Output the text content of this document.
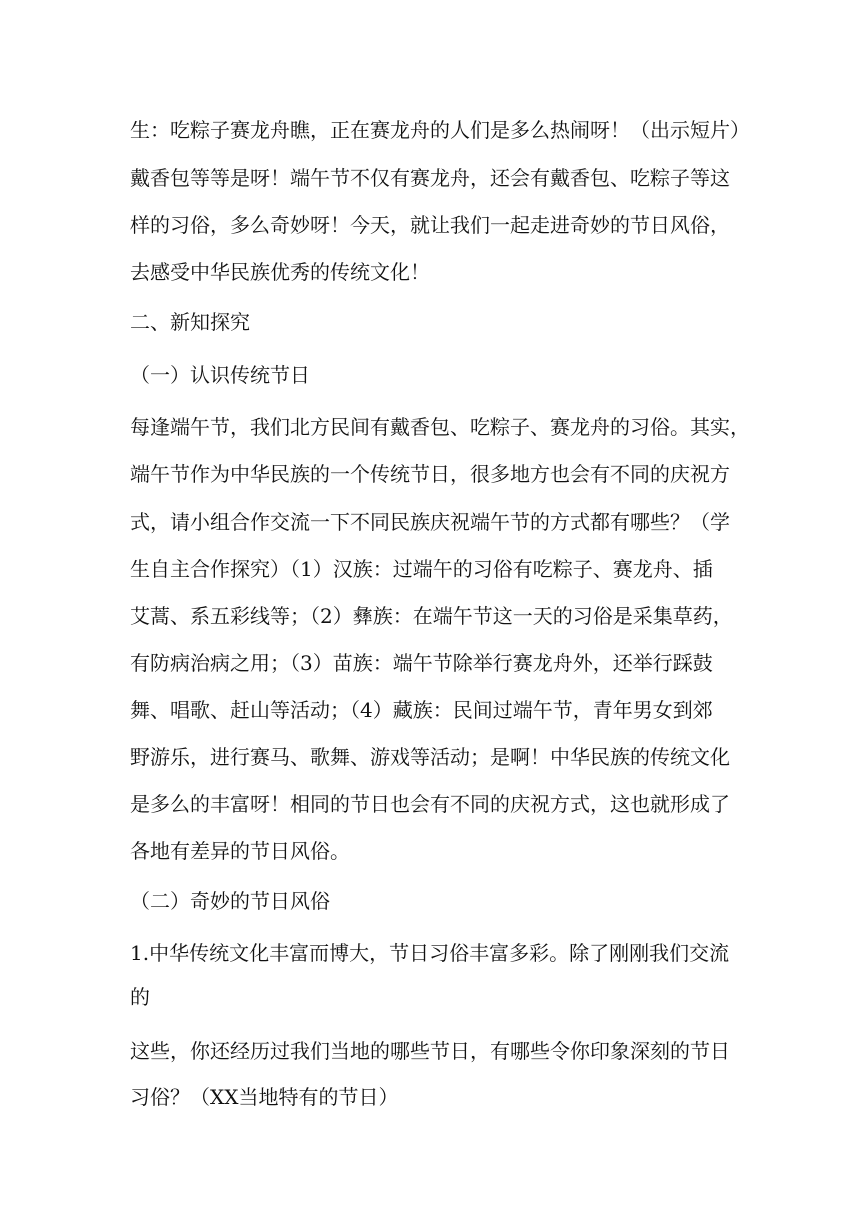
生：吃粽子赛龙舟瞧，正在赛龙舟的人们是多么热闹呀！（出示短片）

戴香包等等是呀！端午节不仅有赛龙舟，还会有戴香包、吃粽子等这

样的习俗，多么奇妙呀！今天，就让我们一起走进奇妙的节日风俗，

去感受中华民族优秀的传统文化！

二、新知探究

（一）认识传统节日

每逢端午节，我们北方民间有戴香包、吃粽子、赛龙舟的习俗。其实，

端午节作为中华民族的一个传统节日，很多地方也会有不同的庆祝方

式，请小组合作交流一下不同民族庆祝端午节的方式都有哪些？（学

生自主合作探究）（1）汉族：过端午的习俗有吃粽子、赛龙舟、插

艾蒿、系五彩线等；（2）彝族：在端午节这一天的习俗是采集草药，

有防病治病之用；（3）苗族：端午节除举行赛龙舟外，还举行踩鼓

舞、唱歌、赶山等活动；（4）藏族：民间过端午节，青年男女到郊

野游乐，进行赛马、歌舞、游戏等活动；是啊！中华民族的传统文化

是多么的丰富呀！相同的节日也会有不同的庆祝方式，这也就形成了

各地有差异的节日风俗。

（二）奇妙的节日风俗

1.中华传统文化丰富而博大，节日习俗丰富多彩。除了刚刚我们交流

的

这些，你还经历过我们当地的哪些节日，有哪些令你印象深刻的节日

习俗？（XX当地特有的节日）
